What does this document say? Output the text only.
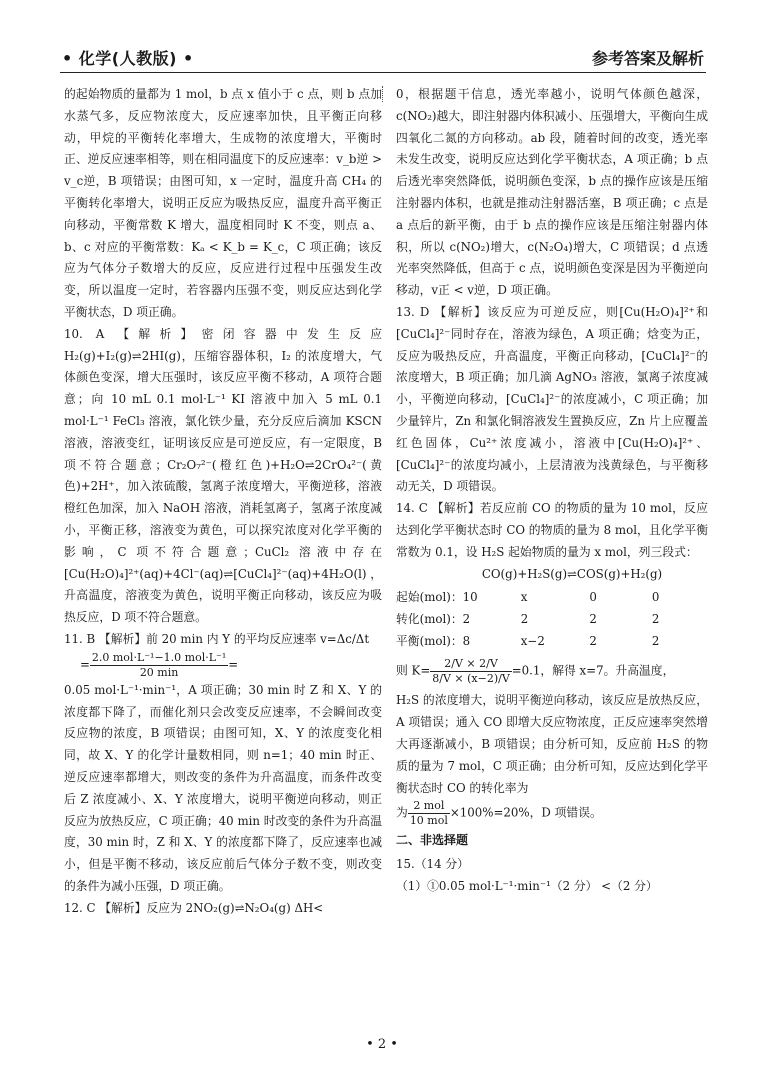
• 化学(人教版) •	参考答案及解析

的起始物质的量都为 1 mol，b 点 x 值小于 c 点，则 b 点加水蒸气多，反应物浓度大，反应速率加快，且平衡正向移动，甲烷的平衡转化率增大，生成物的浓度增大，平衡时正、逆反应速率相等，则在相同温度下的反应速率：v_b逆 > v_c逆，B 项错误；由图可知，x 一定时，温度升高 CH₄ 的平衡转化率增大，说明正反应为吸热反应，温度升高平衡正向移动，平衡常数 K 增大，温度相同时 K 不变，则点 a、b、c 对应的平衡常数：Kₐ < K_b = K_c，C 项正确；该反应为气体分子数增大的反应，反应进行过程中压强发生改变，所以温度一定时，若容器内压强不变，则反应达到化学平衡状态，D 项正确。

10. A 【解析】密闭容器中发生反应 H₂(g)+I₂(g)⇌2HI(g)，压缩容器体积，I₂ 的浓度增大，气体颜色变深，增大压强时，该反应平衡不移动，A 项符合题意；向 10 mL 0.1 mol·L⁻¹ KI 溶液中加入 5 mL 0.1 mol·L⁻¹ FeCl₃ 溶液，氯化铁少量，充分反应后滴加 KSCN 溶液，溶液变红，证明该反应是可逆反应，有一定限度，B 项不符合题意；Cr₂O₇²⁻(橙红色)+H₂O⇌2CrO₄²⁻(黄色)+2H⁺，加入浓硫酸，氢离子浓度增大，平衡逆移，溶液橙红色加深，加入 NaOH 溶液，消耗氢离子，氢离子浓度减小，平衡正移，溶液变为黄色，可以探究浓度对化学平衡的影响，C 项不符合题意；CuCl₂ 溶液中存在 [Cu(H₂O)₄]²⁺(aq)+4Cl⁻(aq)⇌[CuCl₄]²⁻(aq)+4H₂O(l)，升高温度，溶液变为黄色，说明平衡正向移动，该反应为吸热反应，D 项不符合题意。

11. B 【解析】前 20 min 内 Y 的平均反应速率 v=Δc/Δt

= $\frac{\text{2.0 mol·L⁻¹−1.0 mol·L⁻¹}}{20 \min}$ =

0.05 mol·L⁻¹·min⁻¹，A 项正确；30 min 时 Z 和 X、Y 的浓度都下降了，而催化剂只会改变反应速率，不会瞬间改变反应物的浓度，B 项错误；由图可知，X、Y 的浓度变化相同，故 X、Y 的化学计量数相同，则 n=1；40 min 时正、逆反应速率都增大，则改变的条件为升高温度，而条件改变后 Z 浓度减小、X、Y 浓度增大，说明平衡逆向移动，则正反应为放热反应，C 项正确；40 min 时改变的条件为升高温度，30 min 时，Z 和 X、Y 的浓度都下降了，反应速率也减小，但是平衡不移动，该反应前后气体分子数不变，则改变的条件为减小压强，D 项正确。

12. C 【解析】反应为 2NO₂(g)⇌N₂O₄(g) ΔH<

0，根据题干信息，透光率越小，说明气体颜色越深，c(NO₂)越大，即注射器内体积减小、压强增大，平衡向生成四氧化二氮的方向移动。ab 段，随着时间的改变，透光率未发生改变，说明反应达到化学平衡状态，A 项正确；b 点后透光率突然降低，说明颜色变深，b 点的操作应该是压缩注射器内体积，也就是推动注射器活塞，B 项正确；c 点是 a 点后的新平衡，由于 b 点的操作应该是压缩注射器内体积，所以 c(NO₂)增大，c(N₂O₄)增大，C 项错误；d 点透光率突然降低，但高于 c 点，说明颜色变深是因为平衡逆向移动，v正 < v逆，D 项正确。

13. D 【解析】该反应为可逆反应，则[Cu(H₂O)₄]²⁺和[CuCl₄]²⁻同时存在，溶液为绿色，A 项正确；焓变为正，反应为吸热反应，升高温度，平衡正向移动，[CuCl₄]²⁻的浓度增大，B 项正确；加几滴 AgNO₃ 溶液，氯离子浓度减小，平衡逆向移动，[CuCl₄]²⁻的浓度减小，C 项正确；加少量锌片，Zn 和氯化铜溶液发生置换反应，Zn 片上应覆盖红色固体，Cu²⁺浓度减小，溶液中[Cu(H₂O)₄]²⁺、[CuCl₄]²⁻的浓度均减小，上层清液为浅黄绿色，与平衡移动无关，D 项错误。

14. C 【解析】若反应前 CO 的物质的量为 10 mol，反应达到化学平衡状态时 CO 的物质的量为 8 mol，且化学平衡常数为 0.1，设 H₂S 起始物质的量为 x mol，列三段式：

CO(g)+H₂S(g)⇌COS(g)+H₂(g)
起始(mol)：10	x	0	0
转化(mol)：2	2	2	2
平衡(mol)：8	x−2	2	2
则 $K= \frac{2/V \times 2/V}{8/V \times (x-2)/V} =0.1$，解得 x=7。升高温度，

H₂S 的浓度增大，说明平衡逆向移动，该反应是放热反应，A 项错误；通入 CO 即增大反应物浓度，正反应速率突然增大再逐渐减小，B 项错误；由分析可知，反应前 H₂S 的物质的量为 7 mol，C 项正确；由分析可知，反应达到化学平衡状态时 CO 的转化率为

为 $\frac{\text{2 mol}}{\text{10 mol}} \times 100\%=20\%$，D 项错误。
二、非选择题

15.（14 分）

（1）①0.05 mol·L⁻¹·min⁻¹（2 分） <（2 分）

• 2 •
